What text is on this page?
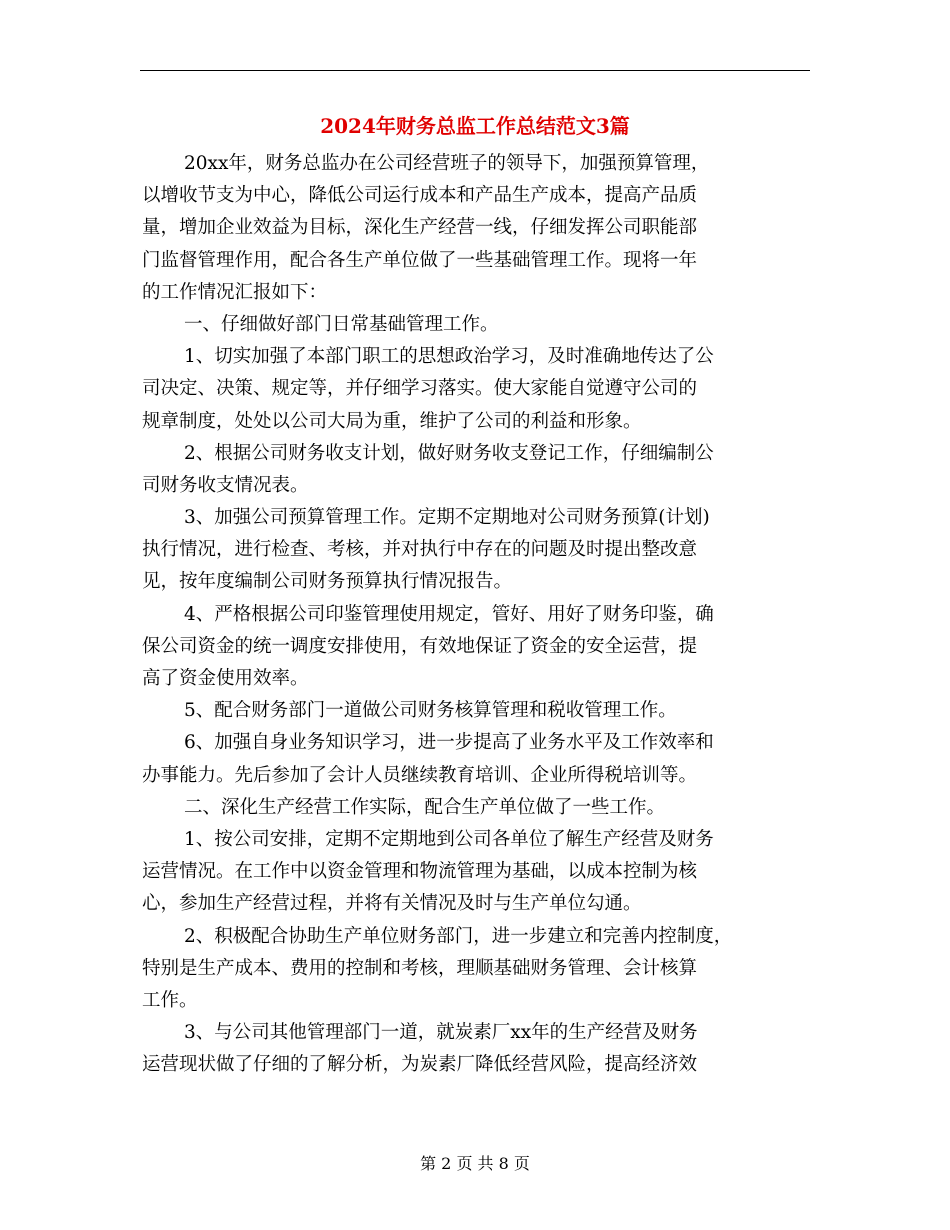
2024年财务总监工作总结范文3篇
20xx年，财务总监办在公司经营班子的领导下，加强预算管理，
以增收节支为中心，降低公司运行成本和产品生产成本，提高产品质
量，增加企业效益为目标，深化生产经营一线，仔细发挥公司职能部
门监督管理作用，配合各生产单位做了一些基础管理工作。现将一年
的工作情况汇报如下：
一、仔细做好部门日常基础管理工作。
1、切实加强了本部门职工的思想政治学习，及时准确地传达了公
司决定、决策、规定等，并仔细学习落实。使大家能自觉遵守公司的
规章制度，处处以公司大局为重，维护了公司的利益和形象。
2、根据公司财务收支计划，做好财务收支登记工作，仔细编制公
司财务收支情况表。
3、加强公司预算管理工作。定期不定期地对公司财务预算(计划)
执行情况，进行检查、考核，并对执行中存在的问题及时提出整改意
见，按年度编制公司财务预算执行情况报告。
4、严格根据公司印鉴管理使用规定，管好、用好了财务印鉴，确
保公司资金的统一调度安排使用，有效地保证了资金的安全运营，提
高了资金使用效率。
5、配合财务部门一道做公司财务核算管理和税收管理工作。
6、加强自身业务知识学习，进一步提高了业务水平及工作效率和
办事能力。先后参加了会计人员继续教育培训、企业所得税培训等。
二、深化生产经营工作实际，配合生产单位做了一些工作。
1、按公司安排，定期不定期地到公司各单位了解生产经营及财务
运营情况。在工作中以资金管理和物流管理为基础，以成本控制为核
心，参加生产经营过程，并将有关情况及时与生产单位勾通。
2、积极配合协助生产单位财务部门，进一步建立和完善内控制度，
特别是生产成本、费用的控制和考核，理顺基础财务管理、会计核算
工作。
3、与公司其他管理部门一道，就炭素厂xx年的生产经营及财务
运营现状做了仔细的了解分析，为炭素厂降低经营风险，提高经济效
第 2 页 共 8 页
